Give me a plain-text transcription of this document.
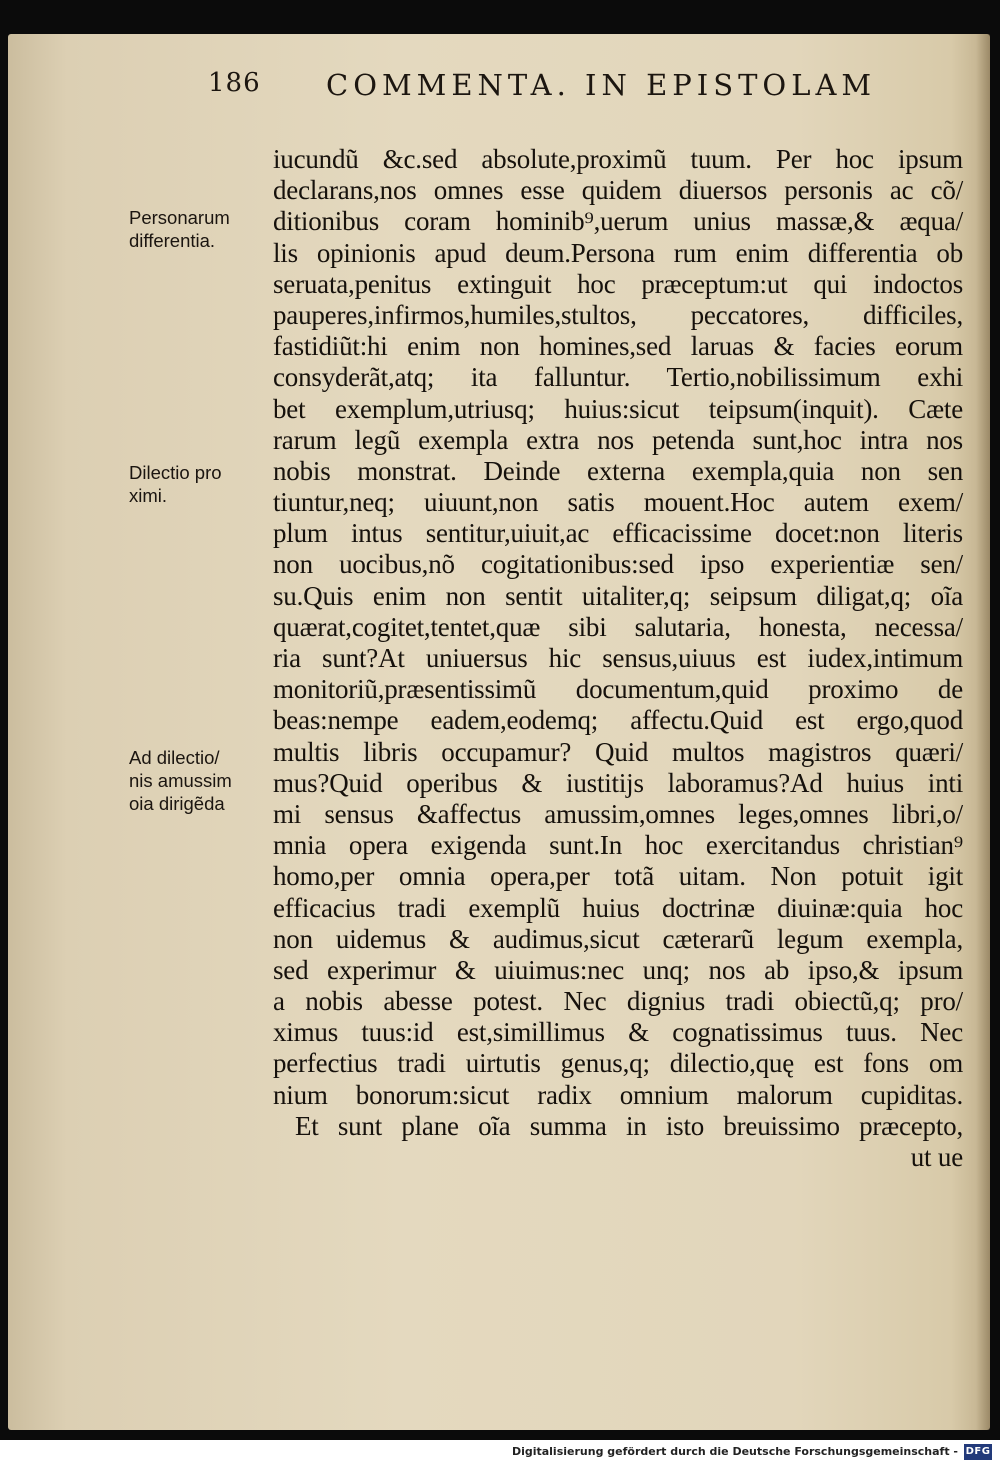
186 COMMENTA. IN EPISTOLAM
Personarum
differentia.
Dilectio pro
ximi.
Ad dilectio/
nis amussim
oia dirigẽda
iucundũ &c.sed absolute,proximũ tuum. Per hoc ipsum
declarans,nos omnes esse quidem diuersos personis ac cõ/
ditionibus coram hominib⁹,uerum unius massæ,& æqua/
lis opinionis apud deum.Persona rum enim differentia ob
seruata,penitus extinguit hoc præceptum:ut qui indoctos
pauperes,infirmos,humiles,stultos, peccatores, difficiles,
fastidiũt:hi enim non homines,sed laruas & facies eorum
consyderãt,atq; ita falluntur. Tertio,nobilissimum exhi
bet exemplum,utriusq; huius:sicut teipsum(inquit). Cæte
rarum legũ exempla extra nos petenda sunt,hoc intra nos
nobis monstrat. Deinde externa exempla,quia non sen
tiuntur,neq; uiuunt,non satis mouent.Hoc autem exem/
plum intus sentitur,uiuit,ac efficacissime docet:non literis
non uocibus,nõ cogitationibus:sed ipso experientiæ sen/
su.Quis enim non sentit uitaliter,q; seipsum diligat,q; oĩa
quærat,cogitet,tentet,quæ sibi salutaria, honesta, necessa/
ria sunt?At uniuersus hic sensus,uiuus est iudex,intimum
monitoriũ,præsentissimũ documentum,quid proximo de
beas:nempe eadem,eodemq; affectu.Quid est ergo,quod
multis libris occupamur? Quid multos magistros quæri/
mus?Quid operibus & iustitijs laboramus?Ad huius inti
mi sensus &affectus amussim,omnes leges,omnes libri,o/
mnia opera exigenda sunt.In hoc exercitandus christian⁹
homo,per omnia opera,per totã uitam. Non potuit igit
efficacius tradi exemplũ huius doctrinæ diuinæ:quia hoc
non uidemus & audimus,sicut cæterarũ legum exempla,
sed experimur & uiuimus:nec unq; nos ab ipso,& ipsum
a nobis abesse potest. Nec dignius tradi obiectũ,q; pro/
ximus tuus:id est,simillimus & cognatissimus tuus. Nec
perfectius tradi uirtutis genus,q; dilectio,quę est fons om
nium bonorum:sicut radix omnium malorum cupiditas.
Et sunt plane oĩa summa in isto breuissimo præcepto,
ut ue
Digitalisierung gefördert durch die Deutsche Forschungsgemeinschaft - DFG
